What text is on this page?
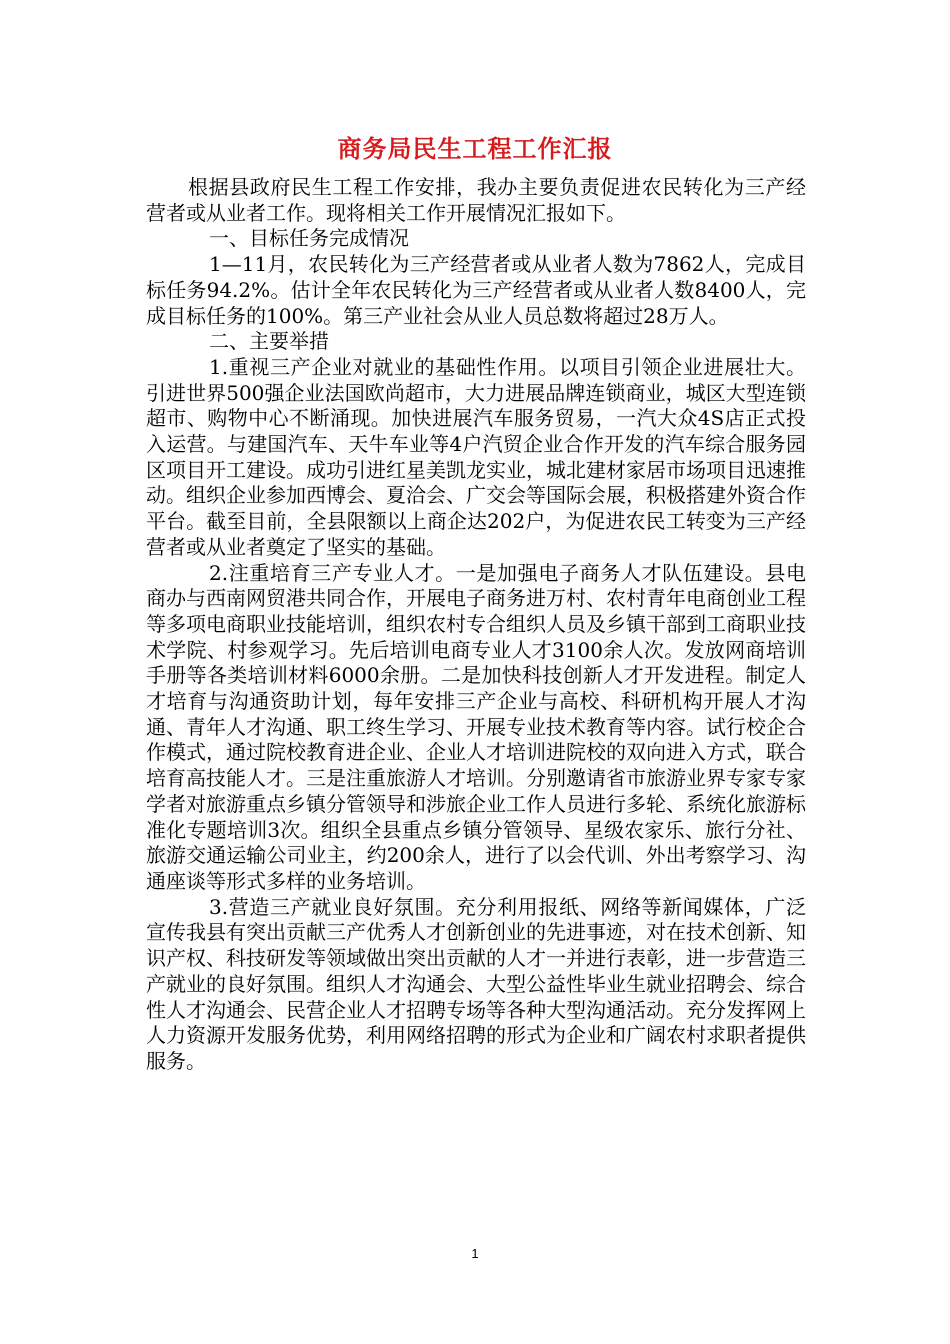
商务局民生工程工作汇报

根据县政府民生工程工作安排，我办主要负责促进农民转化为三产经营者或从业者工作。现将相关工作开展情况汇报如下。

一、目标任务完成情况

1—11月，农民转化为三产经营者或从业者人数为7862人，完成目标任务94.2%。估计全年农民转化为三产经营者或从业者人数8400人，完成目标任务的100%。第三产业社会从业人员总数将超过28万人。

二、主要举措

1.重视三产企业对就业的基础性作用。以项目引领企业进展壮大。引进世界500强企业法国欧尚超市，大力进展品牌连锁商业，城区大型连锁超市、购物中心不断涌现。加快进展汽车服务贸易，一汽大众4S店正式投入运营。与建国汽车、天牛车业等4户汽贸企业合作开发的汽车综合服务园区项目开工建设。成功引进红星美凯龙实业，城北建材家居市场项目迅速推动。组织企业参加西博会、夏洽会、广交会等国际会展，积极搭建外资合作平台。截至目前，全县限额以上商企达202户，为促进农民工转变为三产经营者或从业者奠定了坚实的基础。

2.注重培育三产专业人才。一是加强电子商务人才队伍建设。县电商办与西南网贸港共同合作，开展电子商务进万村、农村青年电商创业工程等多项电商职业技能培训，组织农村专合组织人员及乡镇干部到工商职业技术学院、村参观学习。先后培训电商专业人才3100余人次。发放网商培训手册等各类培训材料6000余册。二是加快科技创新人才开发进程。制定人才培育与沟通资助计划，每年安排三产企业与高校、科研机构开展人才沟通、青年人才沟通、职工终生学习、开展专业技术教育等内容。试行校企合作模式，通过院校教育进企业、企业人才培训进院校的双向进入方式，联合培育高技能人才。三是注重旅游人才培训。分别邀请省市旅游业界专家专家学者对旅游重点乡镇分管领导和涉旅企业工作人员进行多轮、系统化旅游标准化专题培训3次。组织全县重点乡镇分管领导、星级农家乐、旅行分社、旅游交通运输公司业主，约200余人，进行了以会代训、外出考察学习、沟通座谈等形式多样的业务培训。

3.营造三产就业良好氛围。充分利用报纸、网络等新闻媒体，广泛宣传我县有突出贡献三产优秀人才创新创业的先进事迹，对在技术创新、知识产权、科技研发等领域做出突出贡献的人才一并进行表彰，进一步营造三产就业的良好氛围。组织人才沟通会、大型公益性毕业生就业招聘会、综合性人才沟通会、民营企业人才招聘专场等各种大型沟通活动。充分发挥网上人力资源开发服务优势，利用网络招聘的形式为企业和广阔农村求职者提供服务。

1
